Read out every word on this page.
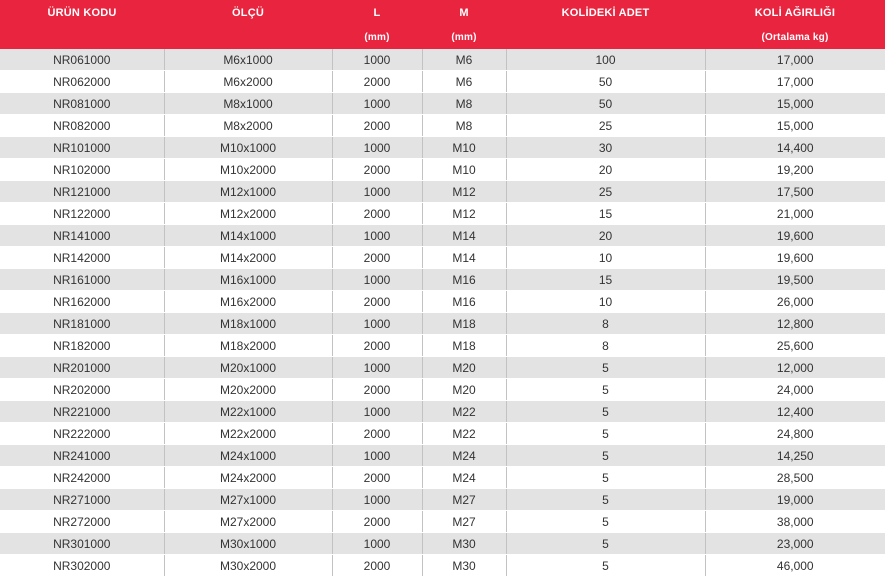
ÜRÜN KODU	ÖLÇÜ	L	M	KOLİDEKİ ADET	KOLİ AĞIRLIĞI
		(mm)	(mm)		(Ortalama kg)
NR061000	M6x1000	1000	M6	100	17,000
NR062000	M6x2000	2000	M6	50	17,000
NR081000	M8x1000	1000	M8	50	15,000
NR082000	M8x2000	2000	M8	25	15,000
NR101000	M10x1000	1000	M10	30	14,400
NR102000	M10x2000	2000	M10	20	19,200
NR121000	M12x1000	1000	M12	25	17,500
NR122000	M12x2000	2000	M12	15	21,000
NR141000	M14x1000	1000	M14	20	19,600
NR142000	M14x2000	2000	M14	10	19,600
NR161000	M16x1000	1000	M16	15	19,500
NR162000	M16x2000	2000	M16	10	26,000
NR181000	M18x1000	1000	M18	8	12,800
NR182000	M18x2000	2000	M18	8	25,600
NR201000	M20x1000	1000	M20	5	12,000
NR202000	M20x2000	2000	M20	5	24,000
NR221000	M22x1000	1000	M22	5	12,400
NR222000	M22x2000	2000	M22	5	24,800
NR241000	M24x1000	1000	M24	5	14,250
NR242000	M24x2000	2000	M24	5	28,500
NR271000	M27x1000	1000	M27	5	19,000
NR272000	M27x2000	2000	M27	5	38,000
NR301000	M30x1000	1000	M30	5	23,000
NR302000	M30x2000	2000	M30	5	46,000
